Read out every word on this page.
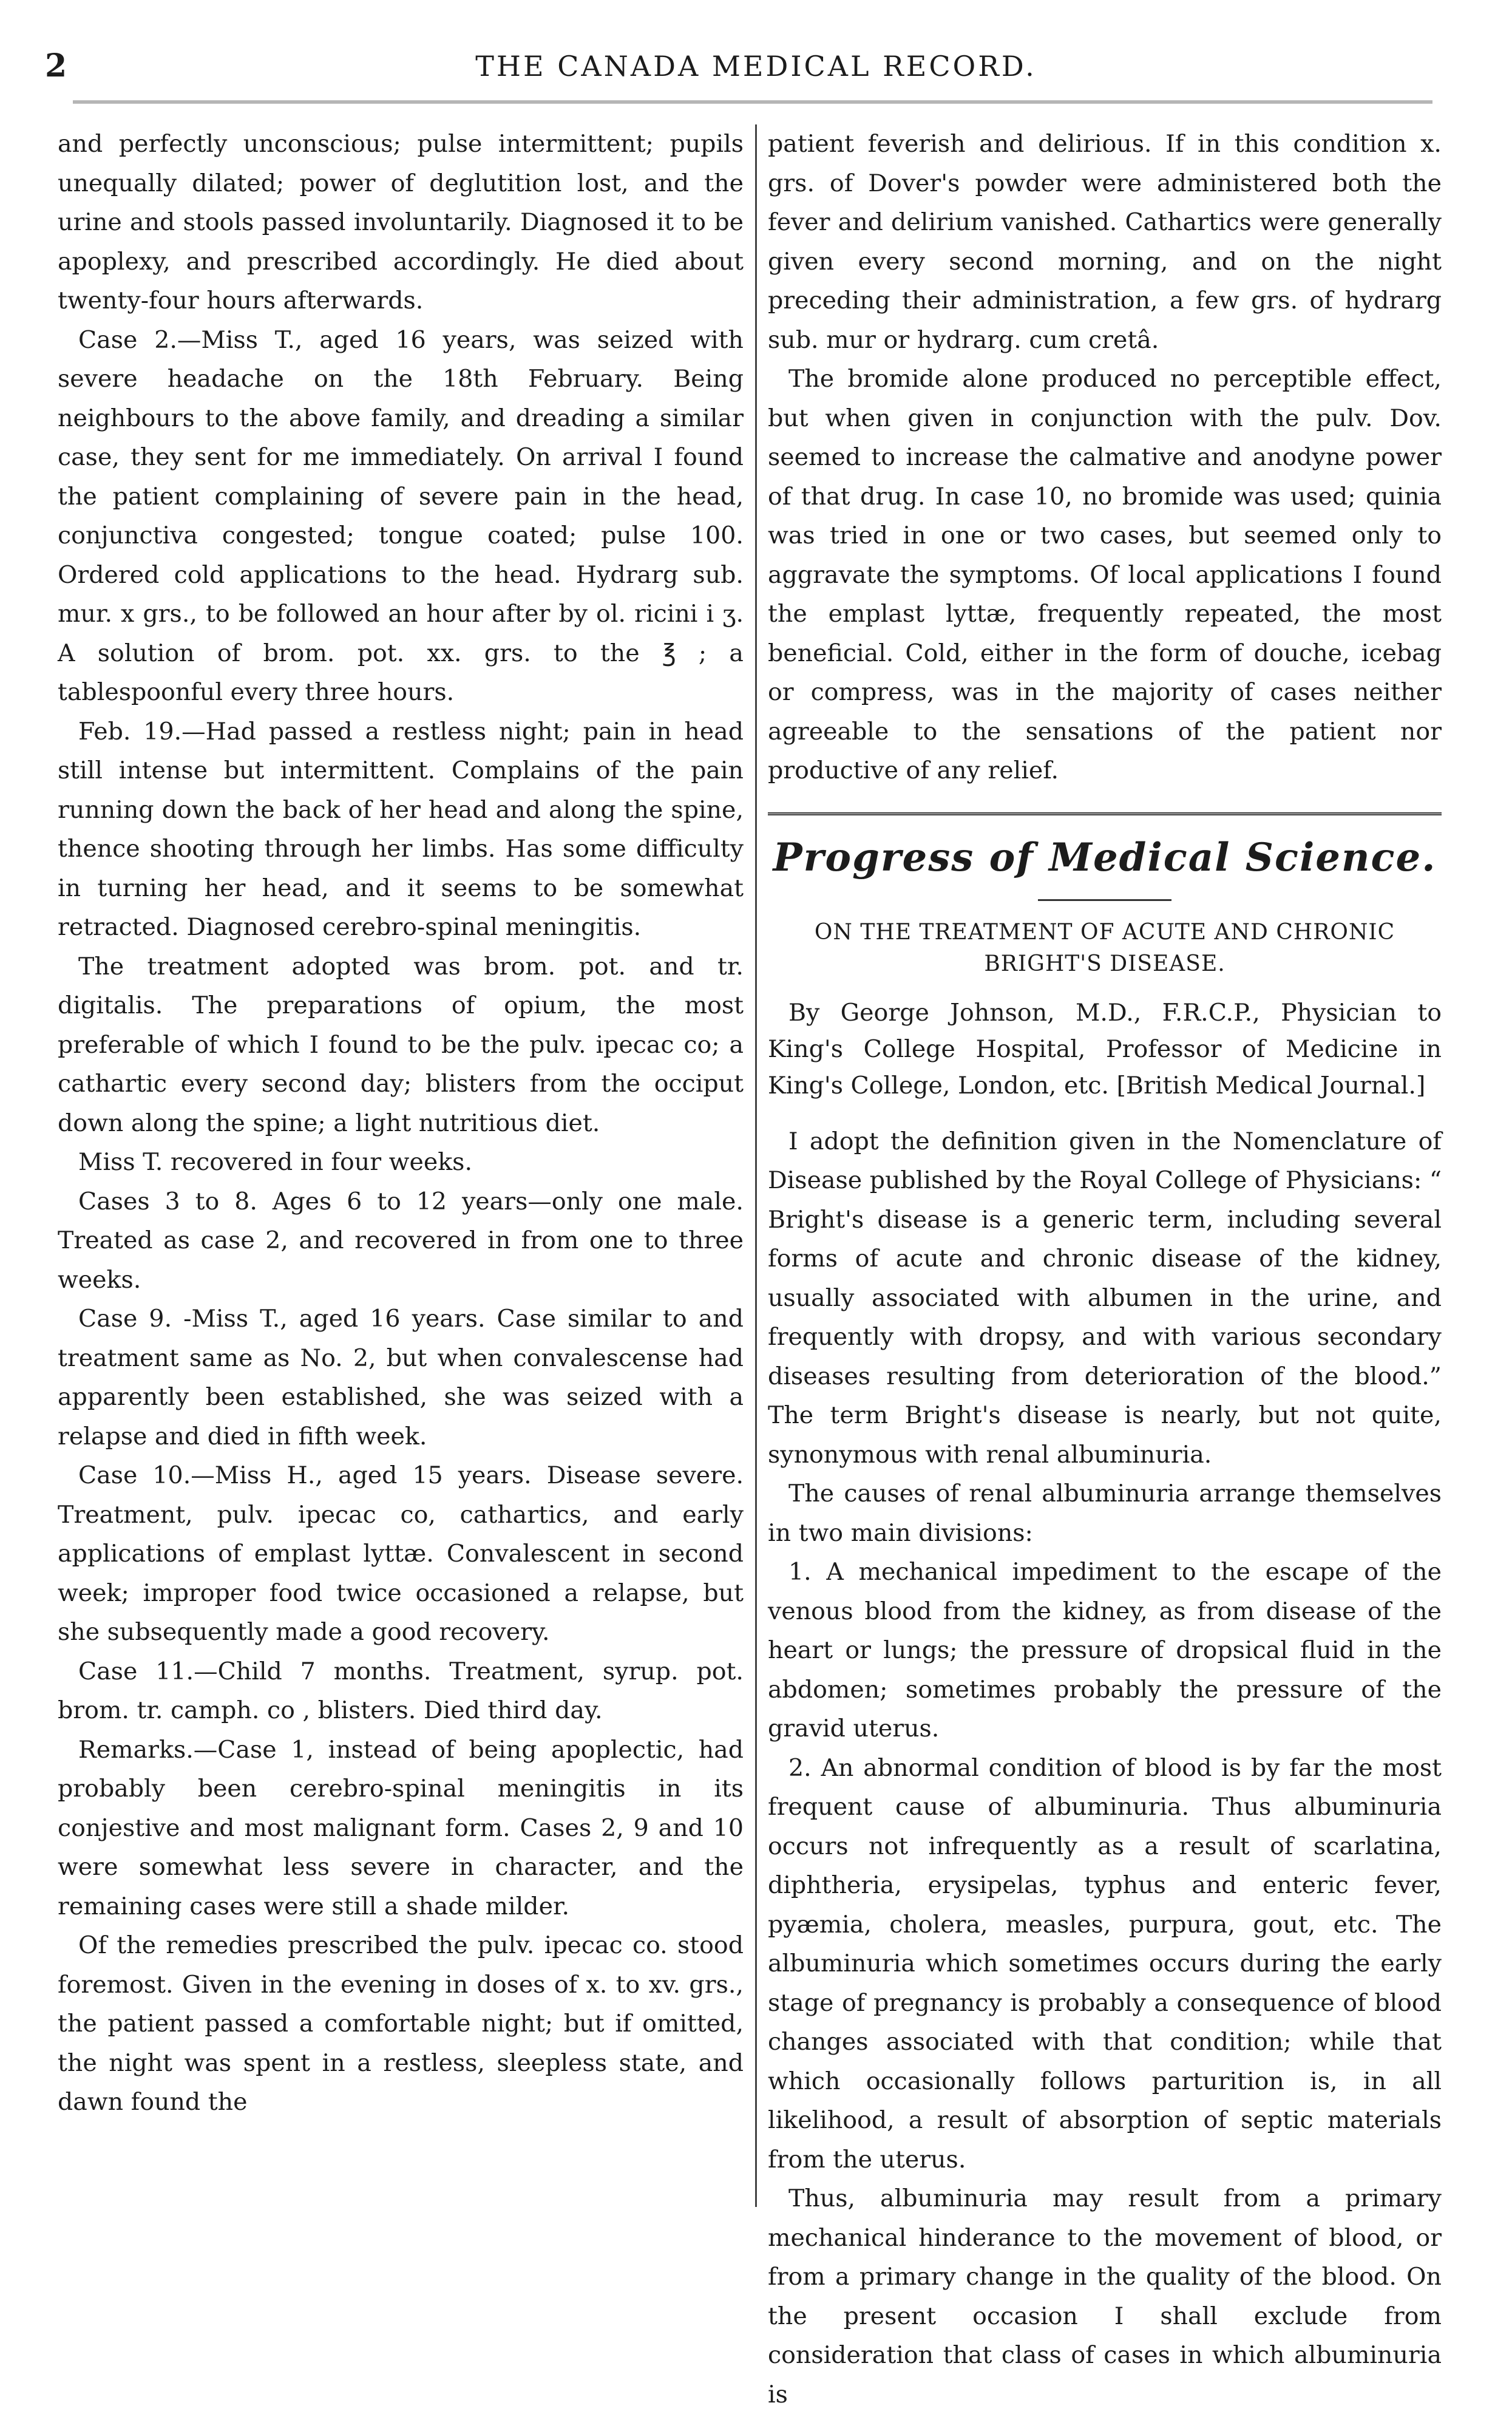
2	THE CANADA MEDICAL RECORD.

and perfectly unconscious; pulse intermittent; pupils unequally dilated; power of deglutition lost, and the urine and stools passed involuntarily. Diagnosed it to be apoplexy, and prescribed accordingly. He died about twenty-four hours afterwards.

Case 2.—Miss T., aged 16 years, was seized with severe headache on the 18th February. Being neighbours to the above family, and dreading a similar case, they sent for me immediately. On arrival I found the patient complaining of severe pain in the head, conjunctiva congested; tongue coated; pulse 100. Ordered cold applications to the head. Hydrarg sub. mur. x grs., to be followed an hour after by ol. ricini i ʒ. A solution of brom. pot. xx. grs. to the ℥ ; a tablespoonful every three hours.

Feb. 19.—Had passed a restless night; pain in head still intense but intermittent. Complains of the pain running down the back of her head and along the spine, thence shooting through her limbs. Has some difficulty in turning her head, and it seems to be somewhat retracted. Diagnosed cerebro-spinal meningitis.

The treatment adopted was brom. pot. and tr. digitalis. The preparations of opium, the most preferable of which I found to be the pulv. ipecac co; a cathartic every second day; blisters from the occiput down along the spine; a light nutritious diet.

Miss T. recovered in four weeks.

Cases 3 to 8. Ages 6 to 12 years—only one male. Treated as case 2, and recovered in from one to three weeks.

Case 9. -Miss T., aged 16 years. Case similar to and treatment same as No. 2, but when convalescense had apparently been established, she was seized with a relapse and died in fifth week.

Case 10.—Miss H., aged 15 years. Disease severe. Treatment, pulv. ipecac co, cathartics, and early applications of emplast lyttæ. Convalescent in second week; improper food twice occasioned a relapse, but she subsequently made a good recovery.

Case 11.—Child 7 months. Treatment, syrup. pot. brom. tr. camph. co , blisters. Died third day.

Remarks.—Case 1, instead of being apoplectic, had probably been cerebro-spinal meningitis in its conjestive and most malignant form. Cases 2, 9 and 10 were somewhat less severe in character, and the remaining cases were still a shade milder.

Of the remedies prescribed the pulv. ipecac co. stood foremost. Given in the evening in doses of x. to xv. grs., the patient passed a comfortable night; but if omitted, the night was spent in a restless, sleepless state, and dawn found the

patient feverish and delirious. If in this condition x. grs. of Dover's powder were administered both the fever and delirium vanished. Cathartics were generally given every second morning, and on the night preceding their administration, a few grs. of hydrarg sub. mur or hydrarg. cum cretâ.

The bromide alone produced no perceptible effect, but when given in conjunction with the pulv. Dov. seemed to increase the calmative and anodyne power of that drug. In case 10, no bromide was used; quinia was tried in one or two cases, but seemed only to aggravate the symptoms. Of local applications I found the emplast lyttæ, frequently repeated, the most beneficial. Cold, either in the form of douche, icebag or compress, was in the majority of cases neither agreeable to the sensations of the patient nor productive of any relief.

Progress of Medical Science.
ON THE TREATMENT OF ACUTE AND CHRONIC
BRIGHT'S DISEASE.

By George Johnson, M.D., F.R.C.P., Physician to King's College Hospital, Professor of Medicine in King's College, London, etc. [British Medical Journal.]

I adopt the definition given in the Nomenclature of Disease published by the Royal College of Physicians: “ Bright's disease is a generic term, including several forms of acute and chronic disease of the kidney, usually associated with albumen in the urine, and frequently with dropsy, and with various secondary diseases resulting from deterioration of the blood.” The term Bright's disease is nearly, but not quite, synonymous with renal albuminuria.

The causes of renal albuminuria arrange themselves in two main divisions:

1. A mechanical impediment to the escape of the venous blood from the kidney, as from disease of the heart or lungs; the pressure of dropsical fluid in the abdomen; sometimes probably the pressure of the gravid uterus.

2. An abnormal condition of blood is by far the most frequent cause of albuminuria. Thus albuminuria occurs not infrequently as a result of scarlatina, diphtheria, erysipelas, typhus and enteric fever, pyæmia, cholera, measles, purpura, gout, etc. The albuminuria which sometimes occurs during the early stage of pregnancy is probably a consequence of blood changes associated with that condition; while that which occasionally follows parturition is, in all likelihood, a result of absorption of septic materials from the uterus.

Thus, albuminuria may result from a primary mechanical hinderance to the movement of blood, or from a primary change in the quality of the blood. On the present occasion I shall exclude from consideration that class of cases in which albuminuria is
